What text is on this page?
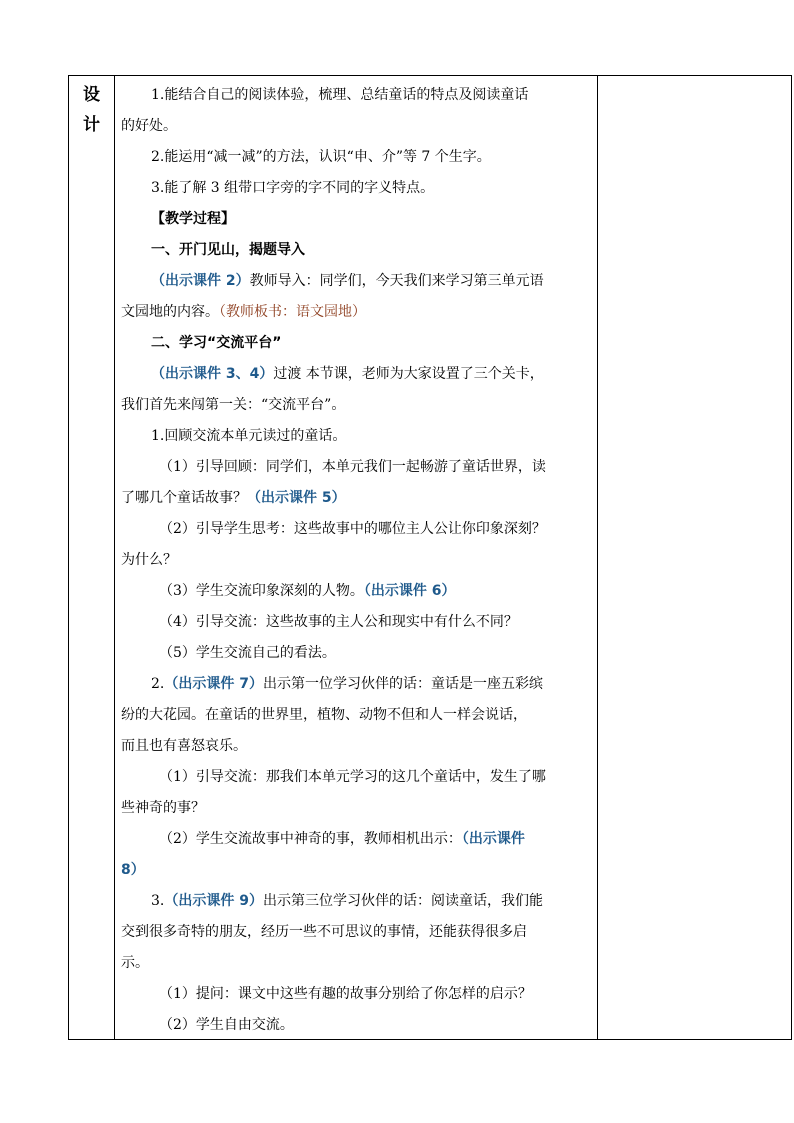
设
计
1.能结合自己的阅读体验，梳理、总结童话的特点及阅读童话
的好处。
2.能运用“减一减”的方法，认识“申、介”等 7 个生字。
3.能了解 3 组带口字旁的字不同的字义特点。
【教学过程】
一、开门见山，揭题导入
（出示课件 2）教师导入：同学们，今天我们来学习第三单元语
文园地的内容。（教师板书：语文园地）
二、学习“交流平台”
（出示课件 3、4）过渡 本节课，老师为大家设置了三个关卡，
我们首先来闯第一关：“交流平台”。
1.回顾交流本单元读过的童话。
（1）引导回顾：同学们，本单元我们一起畅游了童话世界，读
了哪几个童话故事？（出示课件 5）
（2）引导学生思考：这些故事中的哪位主人公让你印象深刻？
为什么？
（3）学生交流印象深刻的人物。（出示课件 6）
（4）引导交流：这些故事的主人公和现实中有什么不同？
（5）学生交流自己的看法。
2.（出示课件 7）出示第一位学习伙伴的话：童话是一座五彩缤
纷的大花园。在童话的世界里，植物、动物不但和人一样会说话，
而且也有喜怒哀乐。
（1）引导交流：那我们本单元学习的这几个童话中，发生了哪
些神奇的事？
（2）学生交流故事中神奇的事，教师相机出示：（出示课件
8）
3.（出示课件 9）出示第三位学习伙伴的话：阅读童话，我们能
交到很多奇特的朋友，经历一些不可思议的事情，还能获得很多启
示。
（1）提问：课文中这些有趣的故事分别给了你怎样的启示？
（2）学生自由交流。
